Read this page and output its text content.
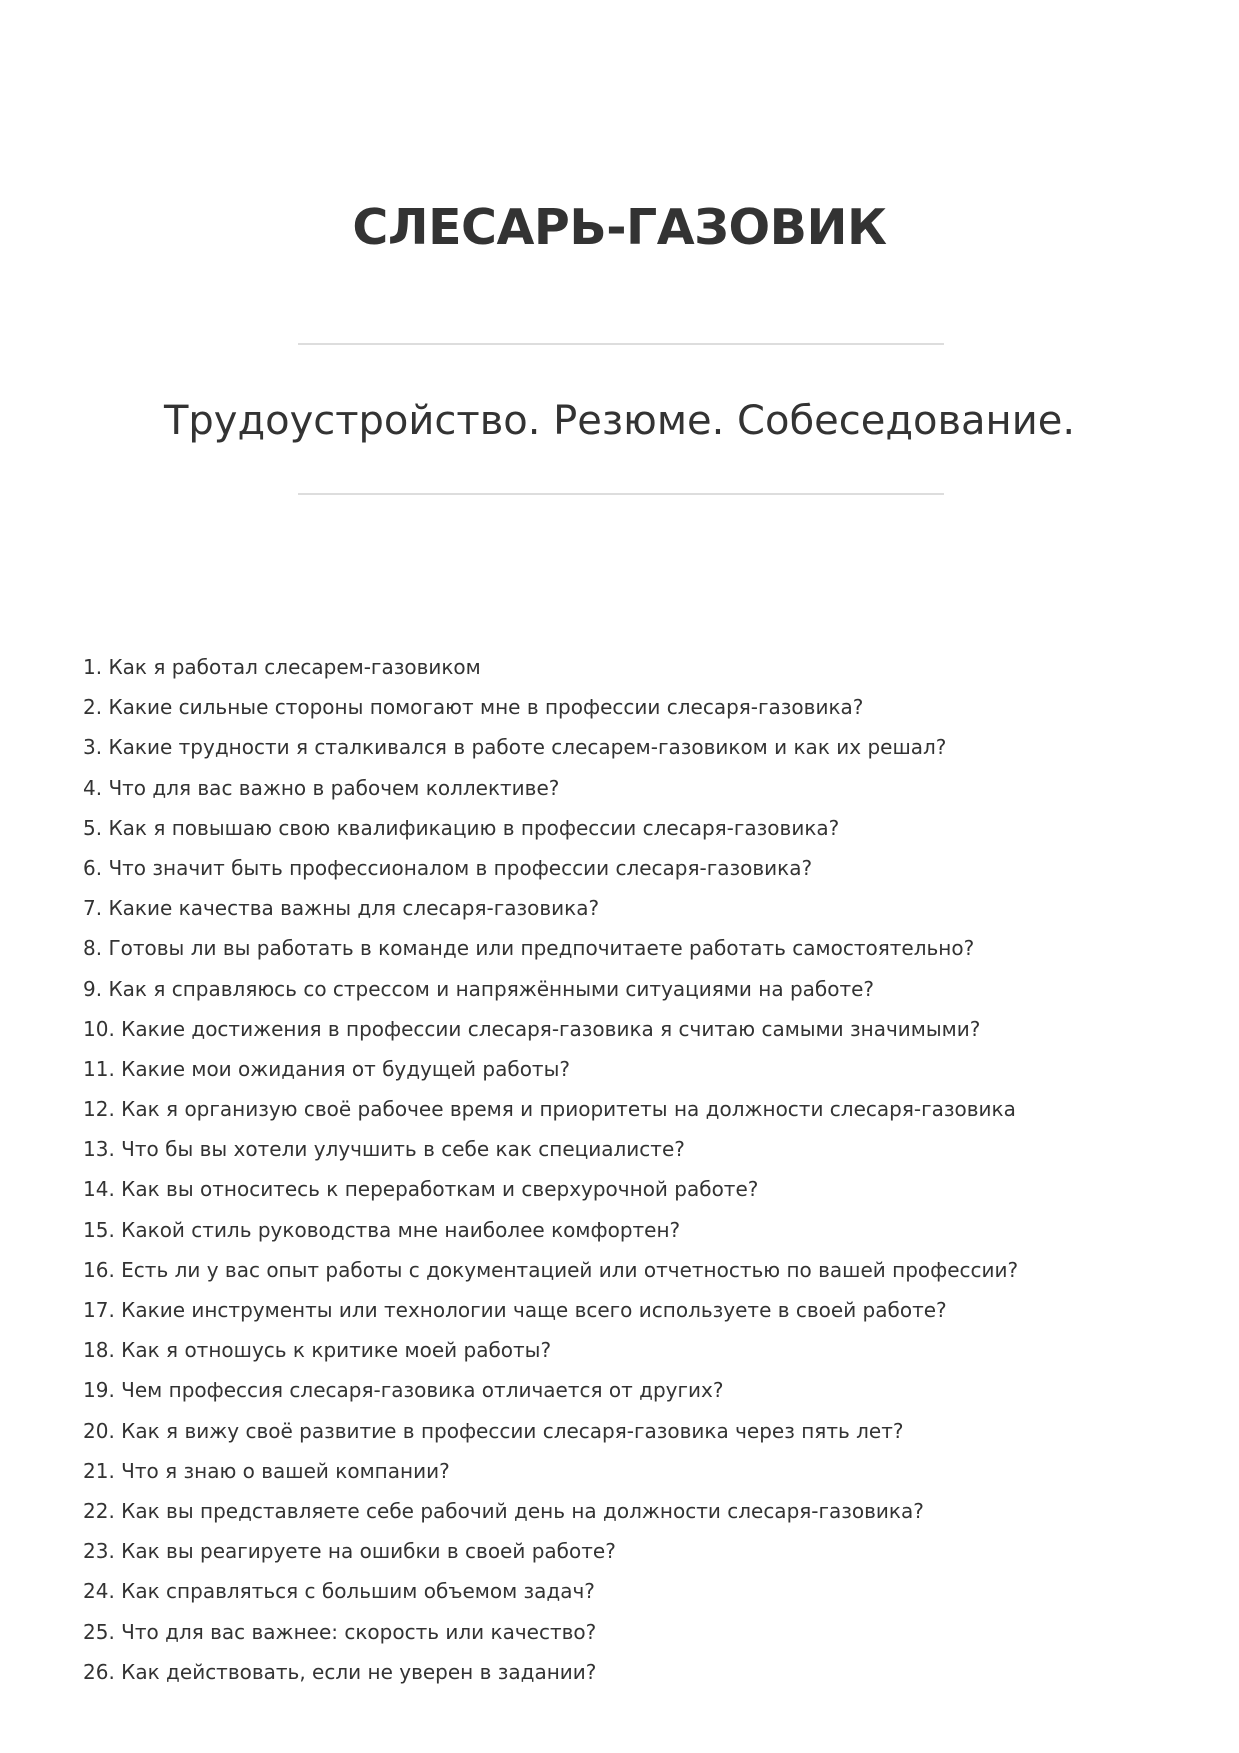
СЛЕСАРЬ-ГАЗОВИК
Трудоустройство. Резюме. Собеседование.
1. Как я работал слесарем-газовиком
2. Какие сильные стороны помогают мне в профессии слесаря-газовика?
3. Какие трудности я сталкивался в работе слесарем-газовиком и как их решал?
4. Что для вас важно в рабочем коллективе?
5. Как я повышаю свою квалификацию в профессии слесаря-газовика?
6. Что значит быть профессионалом в профессии слесаря-газовика?
7. Какие качества важны для слесаря-газовика?
8. Готовы ли вы работать в команде или предпочитаете работать самостоятельно?
9. Как я справляюсь со стрессом и напряжёнными ситуациями на работе?
10. Какие достижения в профессии слесаря-газовика я считаю самыми значимыми?
11. Какие мои ожидания от будущей работы?
12. Как я организую своё рабочее время и приоритеты на должности слесаря-газовика
13. Что бы вы хотели улучшить в себе как специалисте?
14. Как вы относитесь к переработкам и сверхурочной работе?
15. Какой стиль руководства мне наиболее комфортен?
16. Есть ли у вас опыт работы с документацией или отчетностью по вашей профессии?
17. Какие инструменты или технологии чаще всего используете в своей работе?
18. Как я отношусь к критике моей работы?
19. Чем профессия слесаря-газовика отличается от других?
20. Как я вижу своё развитие в профессии слесаря-газовика через пять лет?
21. Что я знаю о вашей компании?
22. Как вы представляете себе рабочий день на должности слесаря-газовика?
23. Как вы реагируете на ошибки в своей работе?
24. Как справляться с большим объемом задач?
25. Что для вас важнее: скорость или качество?
26. Как действовать, если не уверен в задании?
